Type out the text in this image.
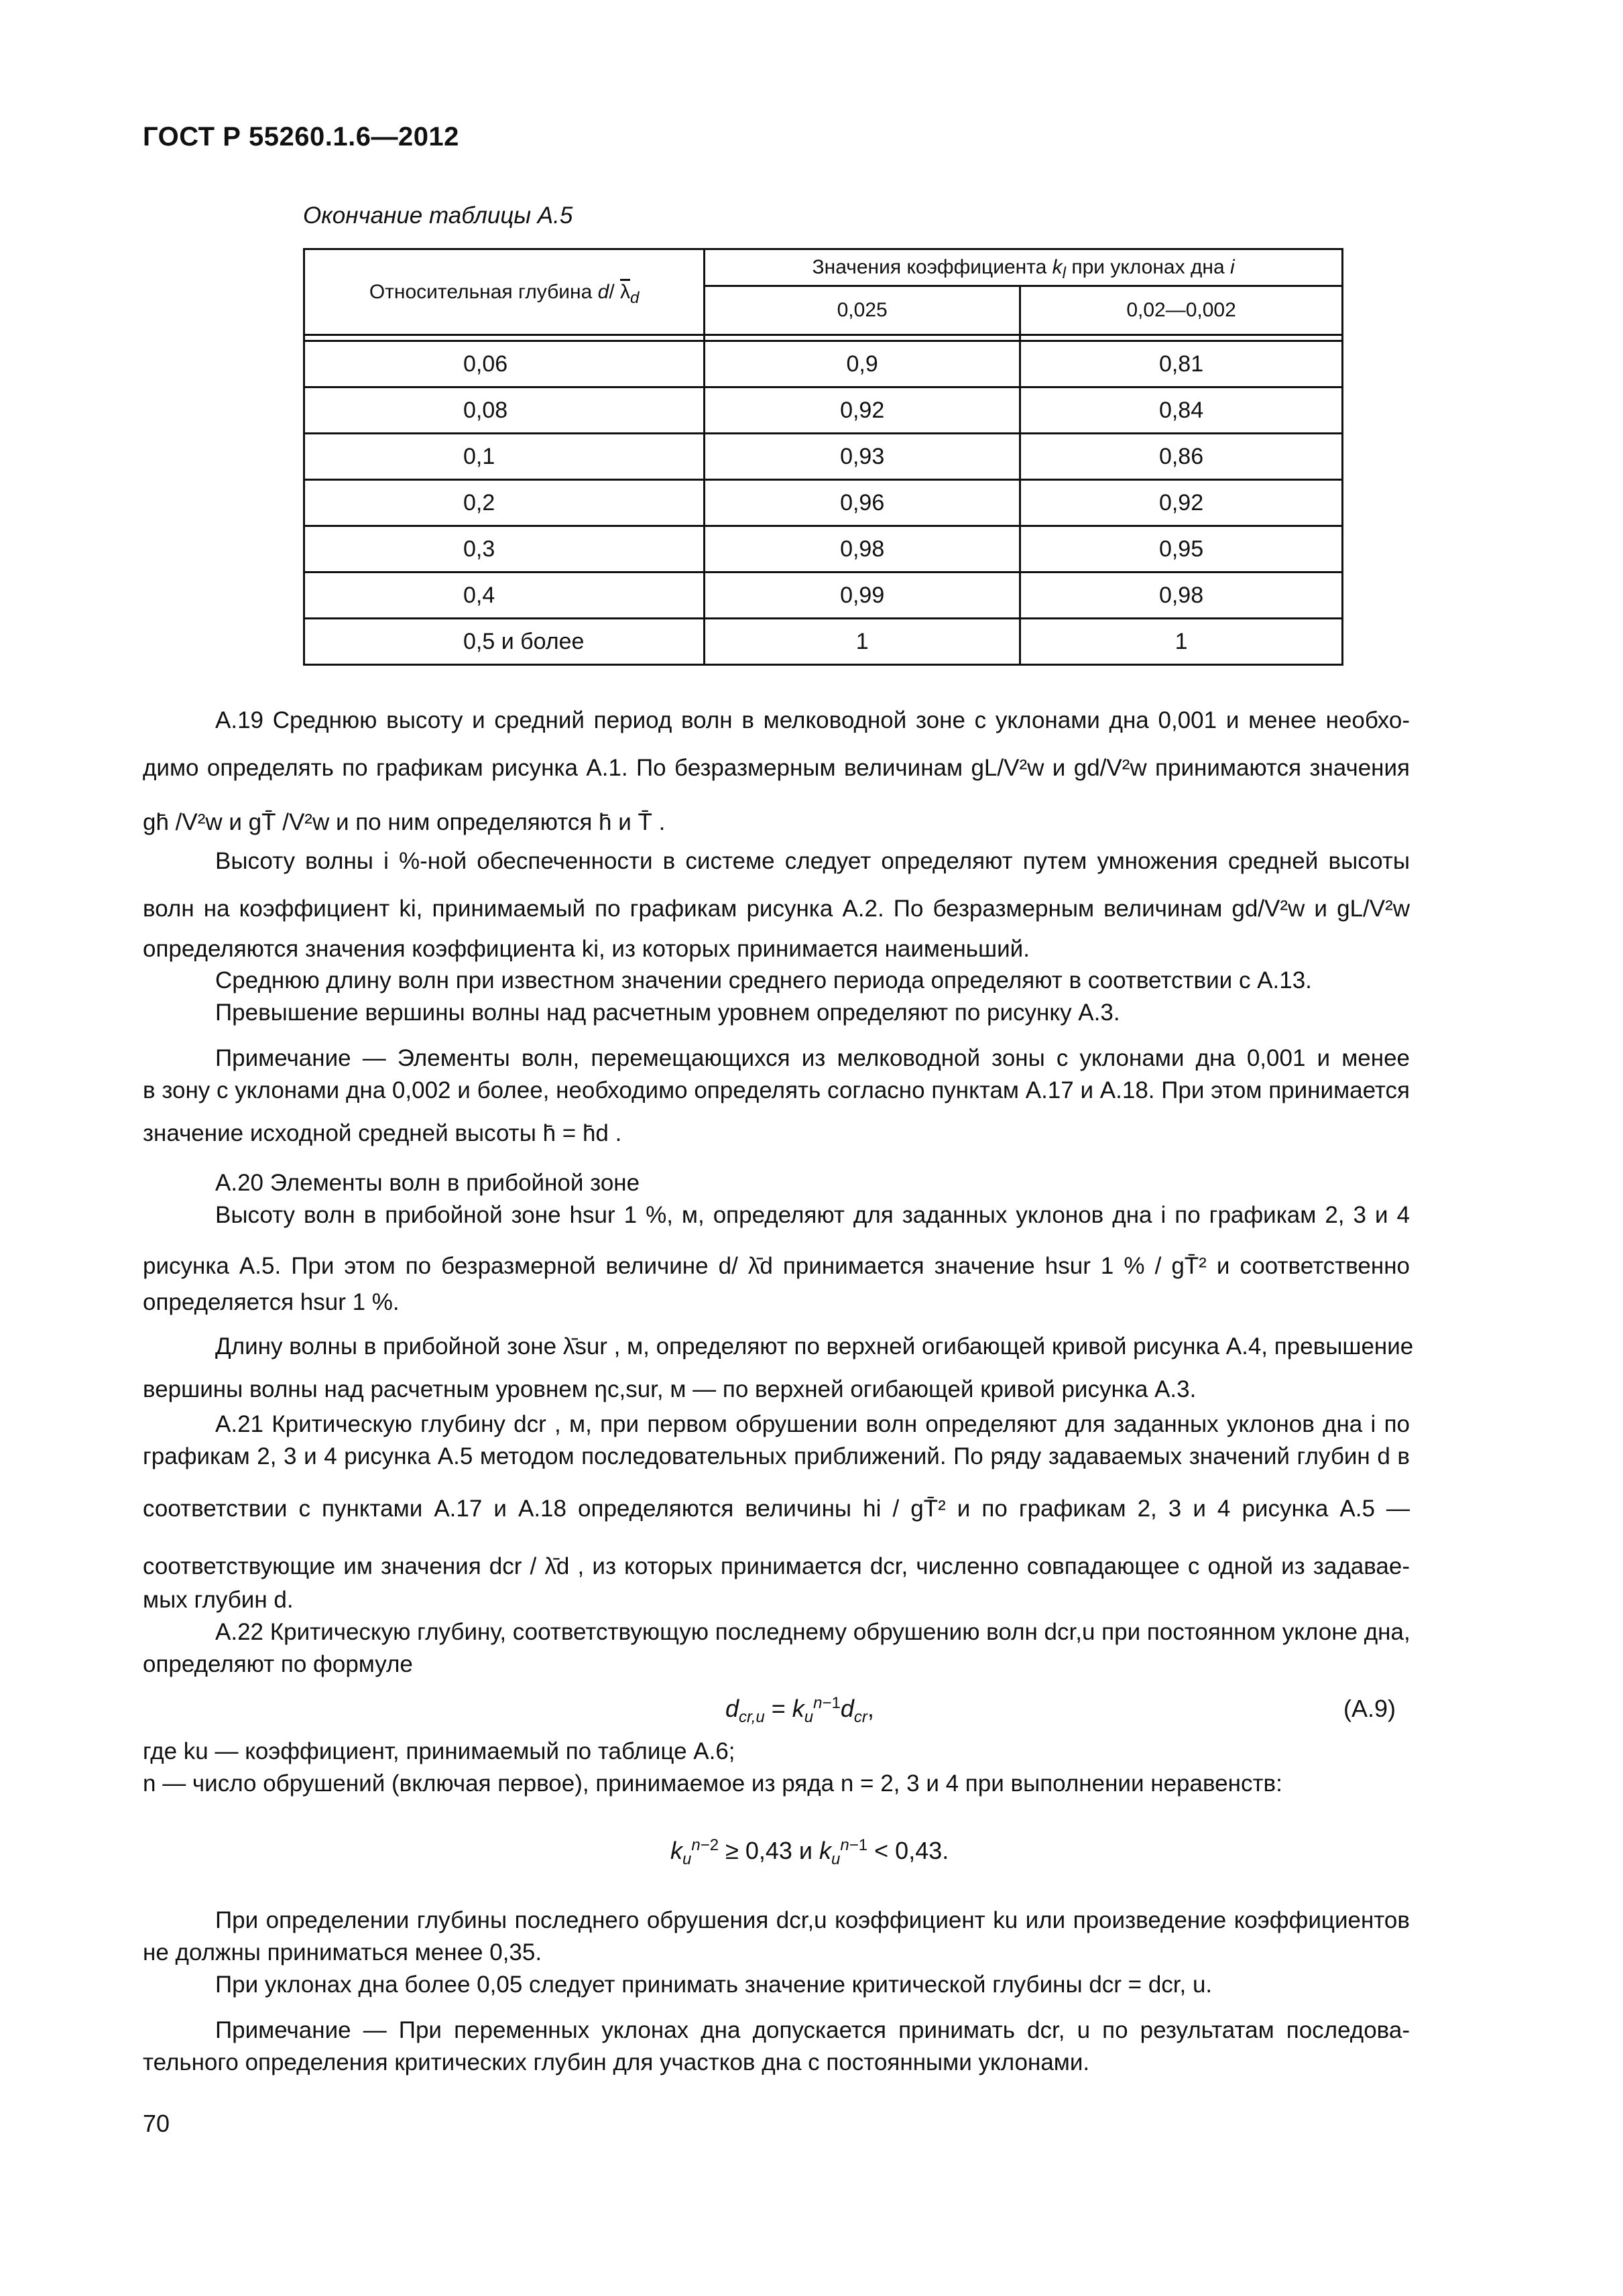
ГОСТ Р 55260.1.6—2012
Окончание таблицы А.5
Относительная глубина d/ $\overline{\lambda}_d$	Значения коэффициента $k_l$ при уклонах дна i	
	0,025	0,02—0,002

0,06	0,9	0,81
0,08	0,92	0,84
0,1	0,93	0,86
0,2	0,96	0,92
0,3	0,98	0,95
0,4	0,99	0,98
0,5 и более	1	1
А.19 Среднюю высоту и средний период волн в мелководной зоне с уклонами дна 0,001 и менее необхо-
димо определять по графикам рисунка А.1. По безразмерным величинам gL/V²w и gd/V²w принимаются значения
gh̄ /V²w и gT̄ /V²w и по ним определяются h̄ и T̄ .
Высоту волны i %-ной обеспеченности в системе следует определяют путем умножения средней высоты
волн на коэффициент ki, принимаемый по графикам рисунка А.2. По безразмерным величинам gd/V²w и gL/V²w
определяются значения коэффициента ki, из которых принимается наименьший.
Среднюю длину волн при известном значении среднего периода определяют в соответствии с А.13.
Превышение вершины волны над расчетным уровнем определяют по рисунку А.3.
Примечание — Элементы волн, перемещающихся из мелководной зоны с уклонами дна 0,001 и менее
в зону с уклонами дна 0,002 и более, необходимо определять согласно пунктам А.17 и А.18. При этом принимается
значение исходной средней высоты h̄ = h̄d .
А.20 Элементы волн в прибойной зоне
Высоту волн в прибойной зоне hsur 1 %, м, определяют для заданных уклонов дна i по графикам 2, 3 и 4
рисунка А.5. При этом по безразмерной величине d/ λ̄d принимается значение hsur 1 % / gT̄² и соответственно
определяется hsur 1 %.
Длину волны в прибойной зоне λ̄sur , м, определяют по верхней огибающей кривой рисунка А.4, превышение
вершины волны над расчетным уровнем ηc,sur, м — по верхней огибающей кривой рисунка А.3.
А.21 Критическую глубину dcr , м, при первом обрушении волн определяют для заданных уклонов дна i по
графикам 2, 3 и 4 рисунка А.5 методом последовательных приближений. По ряду задаваемых значений глубин d в
соответствии с пунктами А.17 и А.18 определяются величины hi / gT̄² и по графикам 2, 3 и 4 рисунка А.5 —
соответствующие им значения dcr / λ̄d , из которых принимается dcr, численно совпадающее с одной из задавае-
мых глубин d.
А.22 Критическую глубину, соответствующую последнему обрушению волн dcr,u при постоянном уклоне дна,
определяют по формуле
$d_{cr,u} = k_u^{n-1}d_{cr}$,	(А.9)
где ku — коэффициент, принимаемый по таблице А.6;
n — число обрушений (включая первое), принимаемое из ряда n = 2, 3 и 4 при выполнении неравенств:
$k_u^{n-2} \ge 0,43$ и $k_u^{n-1} < 0,43$.
При определении глубины последнего обрушения dcr,u коэффициент ku или произведение коэффициентов
не должны приниматься менее 0,35.
При уклонах дна более 0,05 следует принимать значение критической глубины dcr = dcr, u.
Примечание — При переменных уклонах дна допускается принимать dcr, u по результатам последова-
тельного определения критических глубин для участков дна с постоянными уклонами.
70
